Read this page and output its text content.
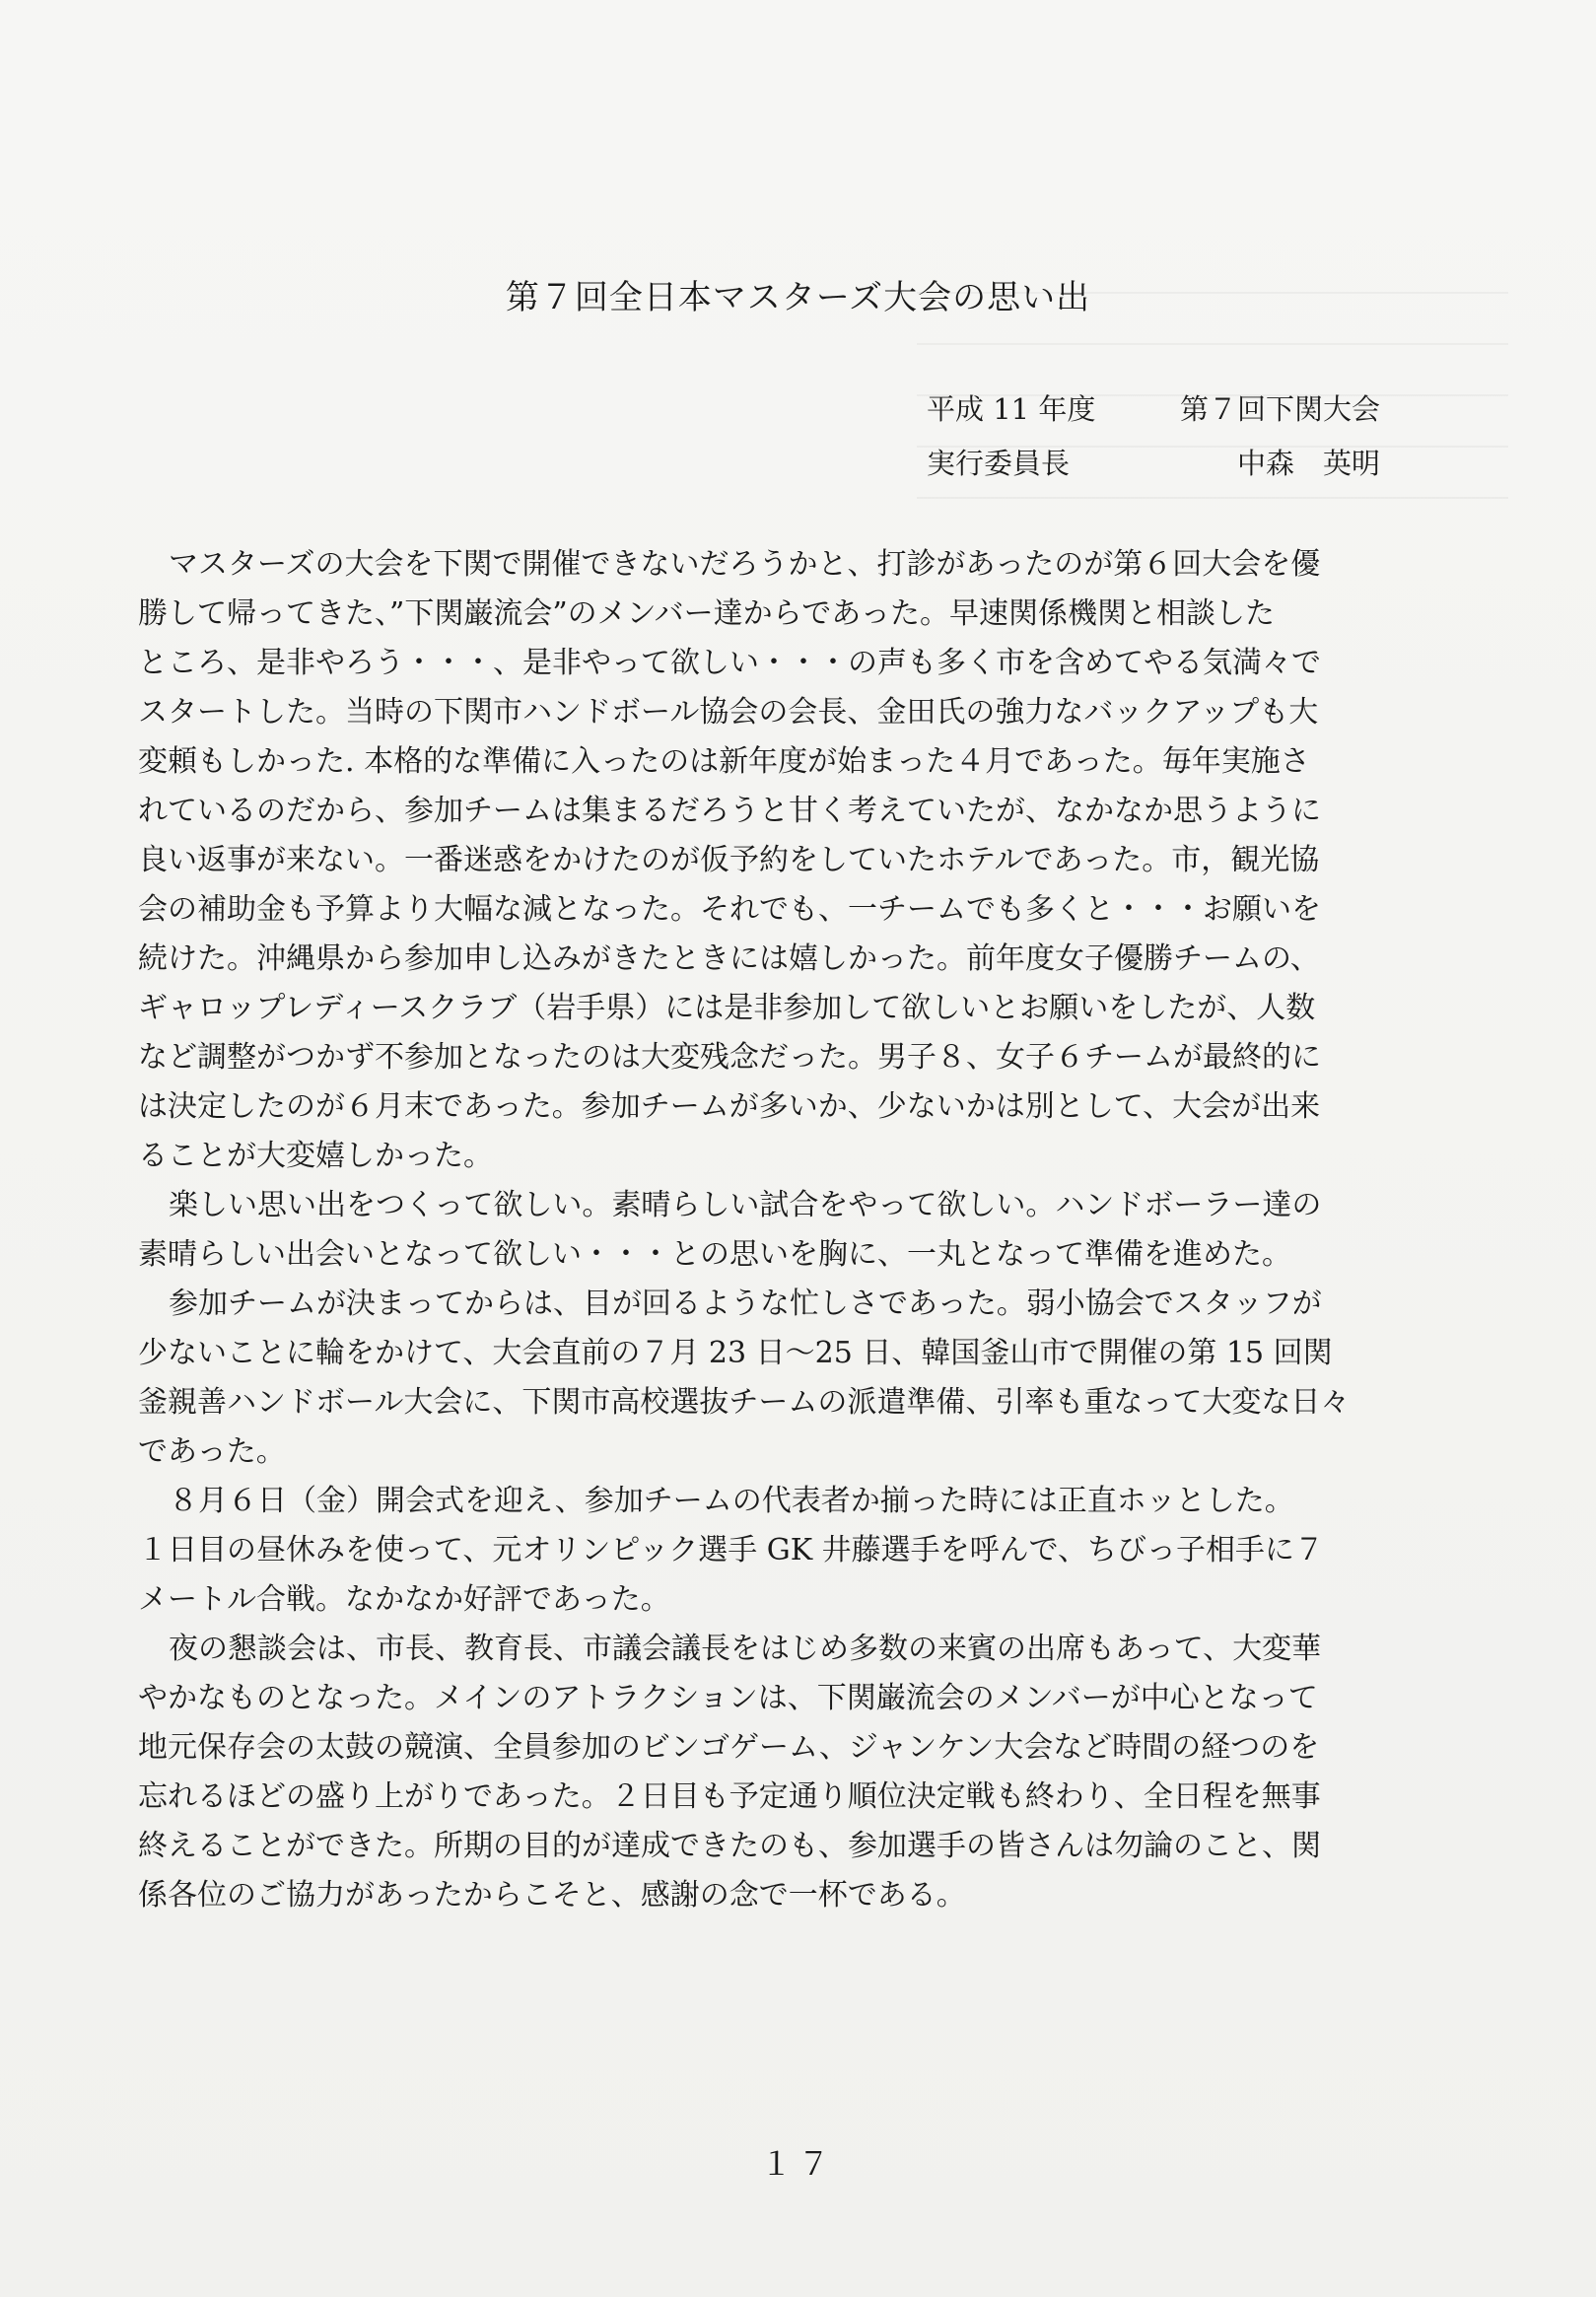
第７回全日本マスターズ大会の思い出
平成 11 年度	第７回下関大会
実行委員長	中森　英明
マスターズの大会を下関で開催できないだろうかと、打診があったのが第６回大会を優
勝して帰ってきた、”下関巌流会”のメンバー達からであった。早速関係機関と相談した
ところ、是非やろう・・・、是非やって欲しい・・・の声も多く市を含めてやる気満々で
スタートした。当時の下関市ハンドボール協会の会長、金田氏の強力なバックアップも大
変頼もしかった. 本格的な準備に入ったのは新年度が始まった４月であった。毎年実施さ
れているのだから、参加チームは集まるだろうと甘く考えていたが、なかなか思うように
良い返事が来ない。一番迷惑をかけたのが仮予約をしていたホテルであった。市，観光協
会の補助金も予算より大幅な減となった。それでも、一チームでも多くと・・・お願いを
続けた。沖縄県から参加申し込みがきたときには嬉しかった。前年度女子優勝チームの、
ギャロップレディースクラブ（岩手県）には是非参加して欲しいとお願いをしたが、人数
など調整がつかず不参加となったのは大変残念だった。男子８、女子６チームが最終的に
は決定したのが６月末であった。参加チームが多いか、少ないかは別として、大会が出来
ることが大変嬉しかった。
楽しい思い出をつくって欲しい。素晴らしい試合をやって欲しい。ハンドボーラー達の
素晴らしい出会いとなって欲しい・・・との思いを胸に、一丸となって準備を進めた。
参加チームが決まってからは、目が回るような忙しさであった。弱小協会でスタッフが
少ないことに輪をかけて、大会直前の７月 23 日～25 日、韓国釜山市で開催の第 15 回関
釜親善ハンドボール大会に、下関市高校選抜チームの派遣準備、引率も重なって大変な日々
であった。
８月６日（金）開会式を迎え、参加チームの代表者か揃った時には正直ホッとした。
１日目の昼休みを使って、元オリンピック選手 GK 井藤選手を呼んで、ちびっ子相手に７
メートル合戦。なかなか好評であった。
夜の懇談会は、市長、教育長、市議会議長をはじめ多数の来賓の出席もあって、大変華
やかなものとなった。メインのアトラクションは、下関巌流会のメンバーが中心となって
地元保存会の太鼓の競演、全員参加のビンゴゲーム、ジャンケン大会など時間の経つのを
忘れるほどの盛り上がりであった。２日目も予定通り順位決定戦も終わり、全日程を無事
終えることができた。所期の目的が達成できたのも、参加選手の皆さんは勿論のこと、関
係各位のご協力があったからこそと、感謝の念で一杯である。
１７
